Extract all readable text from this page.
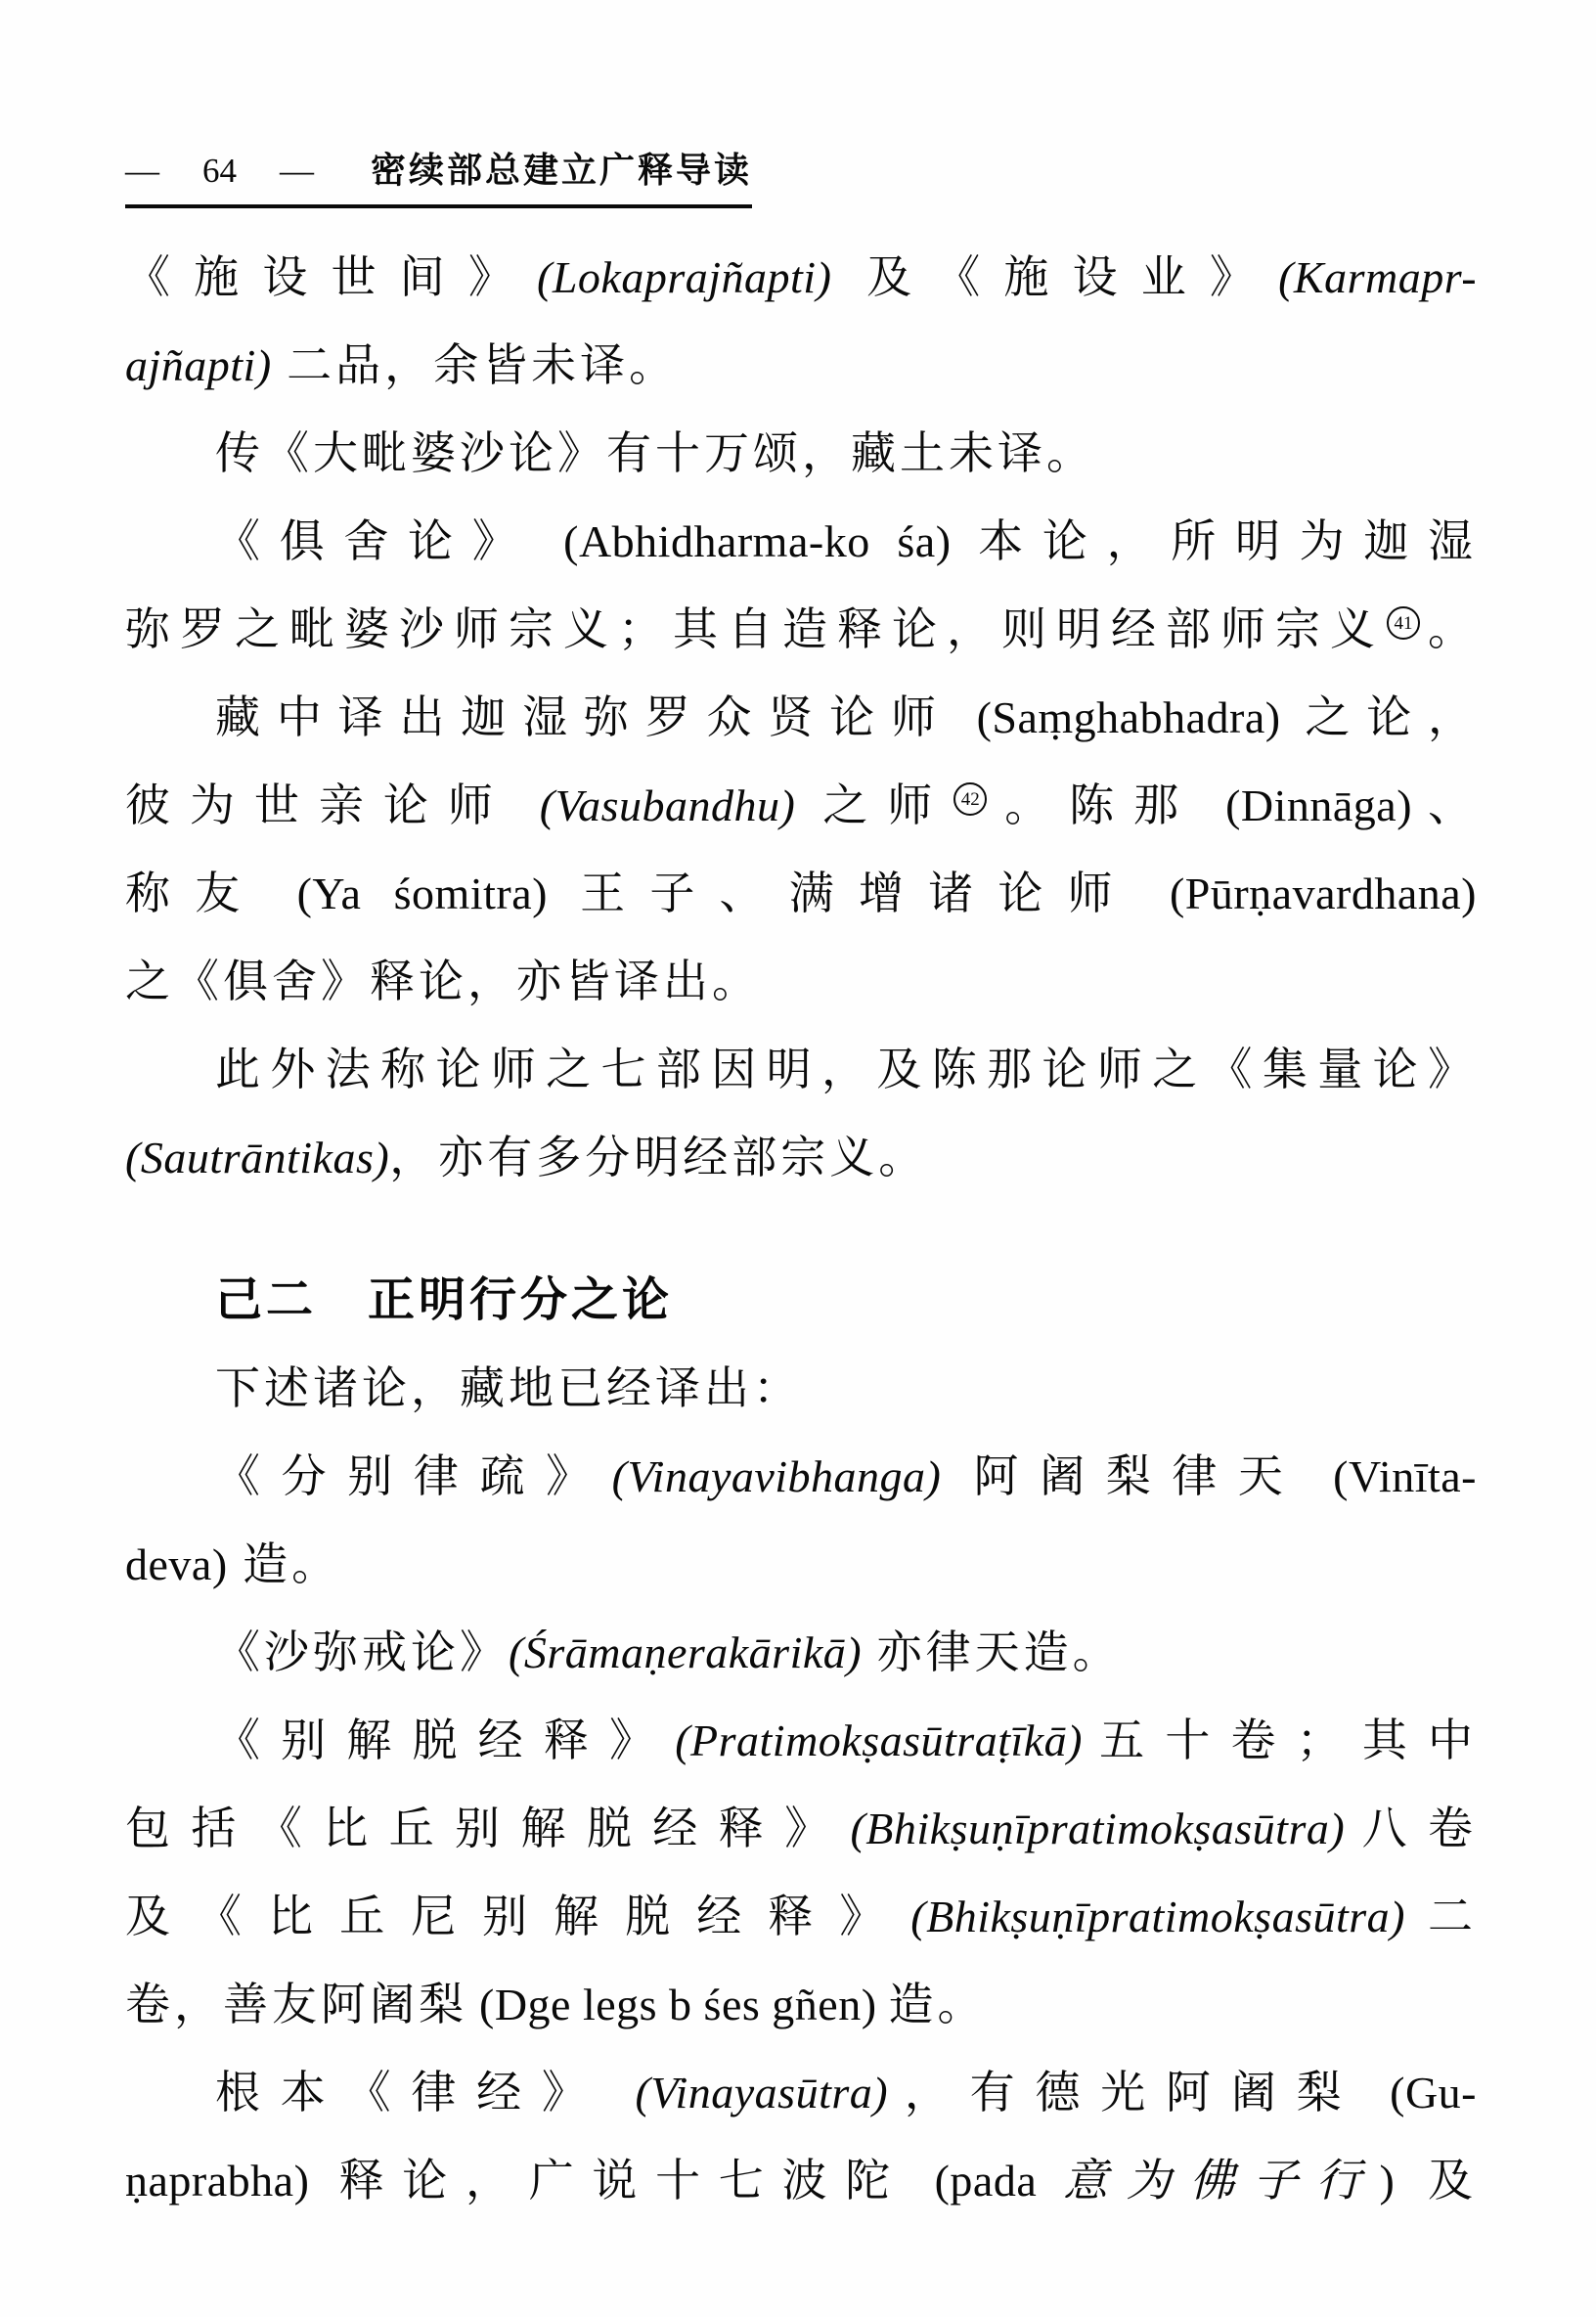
— 64 — 密续部总建立广释导读
《施设世间》(Lokaprajñapti) 及《施设业》(Karmapr-
ajñapti) 二品，余皆未译。
传《大毗婆沙论》有十万颂，藏土未译。
《俱舍论》 (Abhidharma-ko śa) 本论，所明为迦湿
弥罗之毗婆沙师宗义；其自造释论，则明经部师宗义 41 。
藏中译出迦湿弥罗众贤论师 (Saṃghabhadra) 之论，
彼为世亲论师 (Vasubandhu) 之师 42 。陈那 (Dinnāga)、
称友 (Ya śomitra) 王子、满增诸论师 (Pūrṇavardhana)
之《俱舍》释论，亦皆译出。
此外法称论师之七部因明，及陈那论师之《集量论》
(Sautrāntikas)，亦有多分明经部宗义。
己二　正明行分之论
下述诸论，藏地已经译出：
《分别律疏》(Vinayavibhanga) 阿阇梨律天 (Vinīta-
deva) 造。
《沙弥戒论》(Śrāmaṇerakārikā) 亦律天造。
《别解脱经释》(Pratimokṣasūtraṭīkā)五十卷；其中
包括《比丘别解脱经释》(Bhikṣuṇīpratimokṣasūtra)八卷
及《比丘尼别解脱经释》(Bhikṣuṇīpratimokṣasūtra)二
卷，善友阿阇梨 (Dge legs b śes gñen) 造。
根本《律经》 (Vinayasūtra)，有德光阿阇梨 (Gu-
ṇaprabha) 释论，广说十七波陀 (pada 意为佛子行) 及
